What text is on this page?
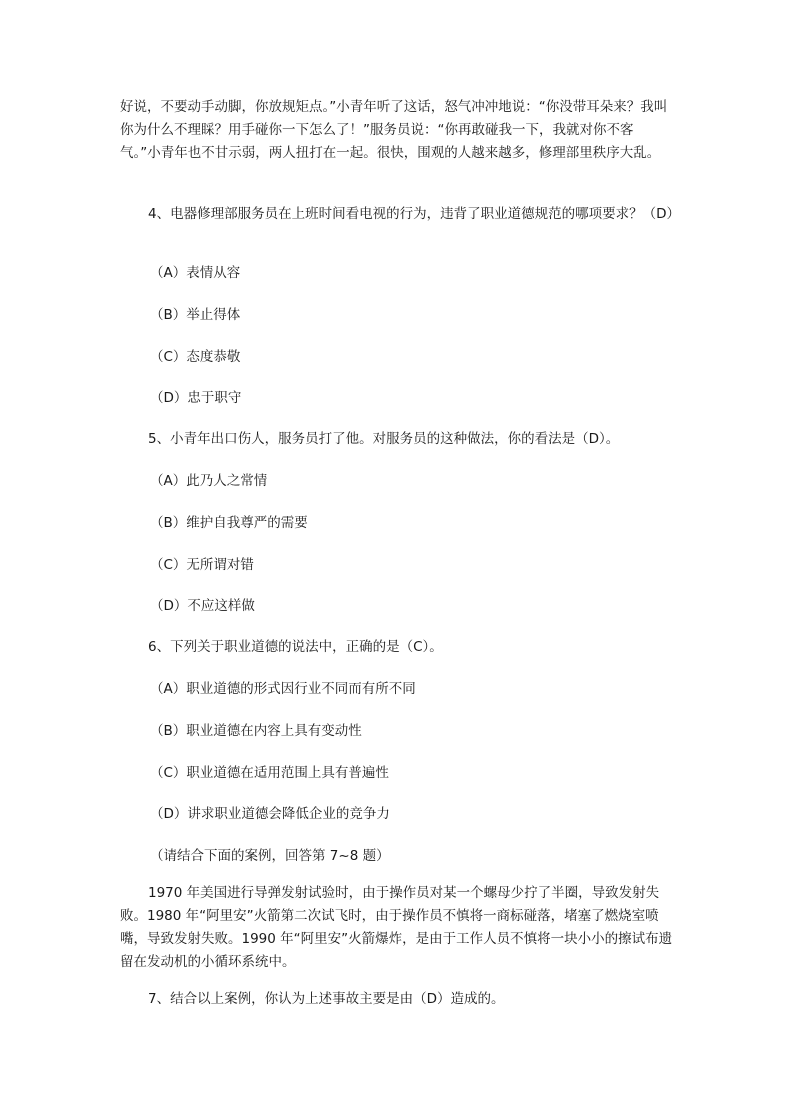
好说，不要动手动脚，你放规矩点。”小青年听了这话，怒气冲冲地说：“你没带耳朵来？我叫你为什么不理睬？用手碰你一下怎么了！”服务员说：“你再敢碰我一下，我就对你不客气。”小青年也不甘示弱，两人扭打在一起。很快，围观的人越来越多，修理部里秩序大乱。

4、电器修理部服务员在上班时间看电视的行为，违背了职业道德规范的哪项要求？（D）

（A）表情从容

（B）举止得体

（C）态度恭敬

（D）忠于职守

5、小青年出口伤人，服务员打了他。对服务员的这种做法，你的看法是（D）。

（A）此乃人之常情

（B）维护自我尊严的需要

（C）无所谓对错

（D）不应这样做

6、下列关于职业道德的说法中，正确的是（C）。

（A）职业道德的形式因行业不同而有所不同

（B）职业道德在内容上具有变动性

（C）职业道德在适用范围上具有普遍性

（D）讲求职业道德会降低企业的竞争力

（请结合下面的案例，回答第 7~8 题）

1970 年美国进行导弹发射试验时，由于操作员对某一个螺母少拧了半圈，导致发射失败。1980 年“阿里安”火箭第二次试飞时，由于操作员不慎将一商标碰落，堵塞了燃烧室喷嘴，导致发射失败。1990 年“阿里安”火箭爆炸，是由于工作人员不慎将一块小小的擦试布遗留在发动机的小循环系统中。

7、结合以上案例，你认为上述事故主要是由（D）造成的。
